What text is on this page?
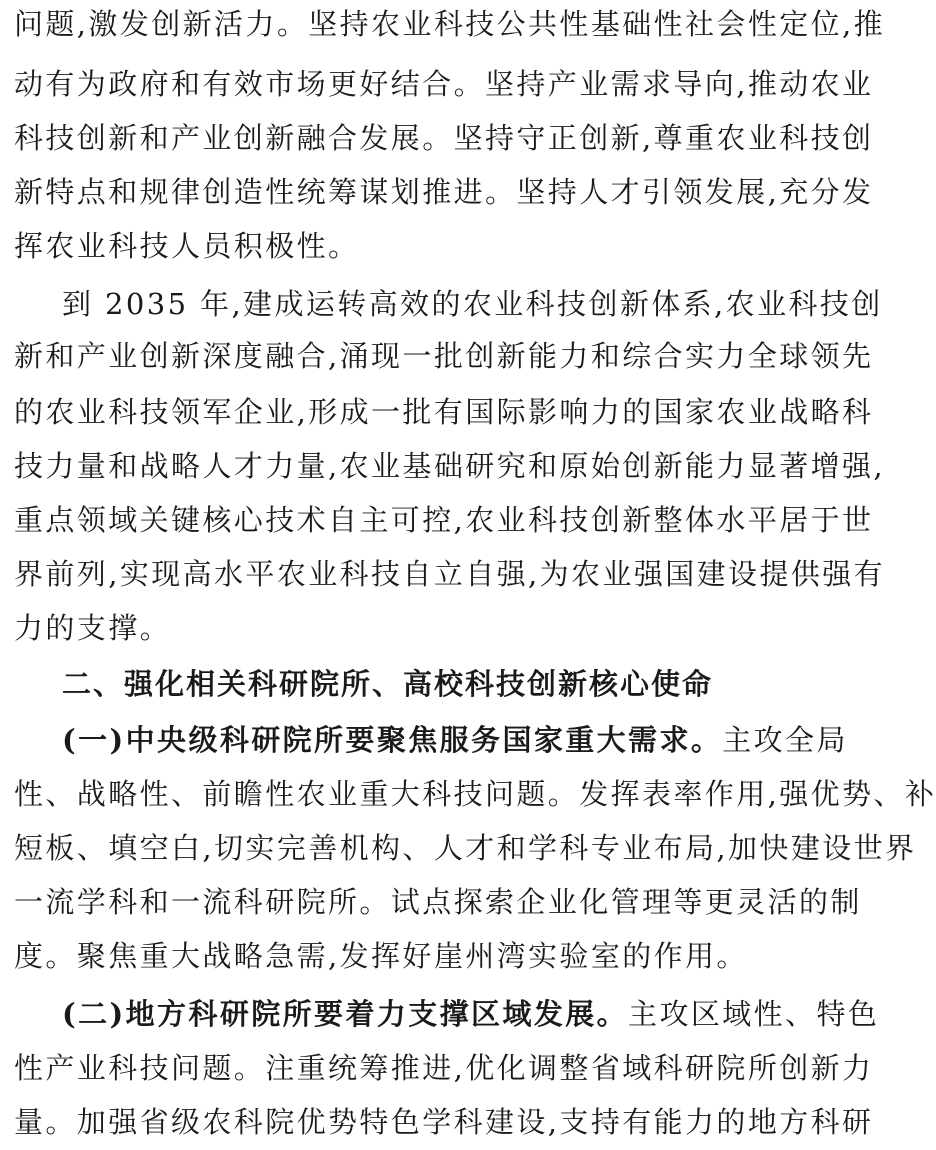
问题,激发创新活力。坚持农业科技公共性基础性社会性定位,推
动有为政府和有效市场更好结合。坚持产业需求导向,推动农业
科技创新和产业创新融合发展。坚持守正创新,尊重农业科技创
新特点和规律创造性统筹谋划推进。坚持人才引领发展,充分发
挥农业科技人员积极性。
到 2035 年,建成运转高效的农业科技创新体系,农业科技创
新和产业创新深度融合,涌现一批创新能力和综合实力全球领先
的农业科技领军企业,形成一批有国际影响力的国家农业战略科
技力量和战略人才力量,农业基础研究和原始创新能力显著增强,
重点领域关键核心技术自主可控,农业科技创新整体水平居于世
界前列,实现高水平农业科技自立自强,为农业强国建设提供强有
力的支撑。
二、强化相关科研院所、高校科技创新核心使命
(一)中央级科研院所要聚焦服务国家重大需求。主攻全局
性、战略性、前瞻性农业重大科技问题。发挥表率作用,强优势、补
短板、填空白,切实完善机构、人才和学科专业布局,加快建设世界
一流学科和一流科研院所。试点探索企业化管理等更灵活的制
度。聚焦重大战略急需,发挥好崖州湾实验室的作用。
(二)地方科研院所要着力支撑区域发展。主攻区域性、特色
性产业科技问题。注重统筹推进,优化调整省域科研院所创新力
量。加强省级农科院优势特色学科建设,支持有能力的地方科研
